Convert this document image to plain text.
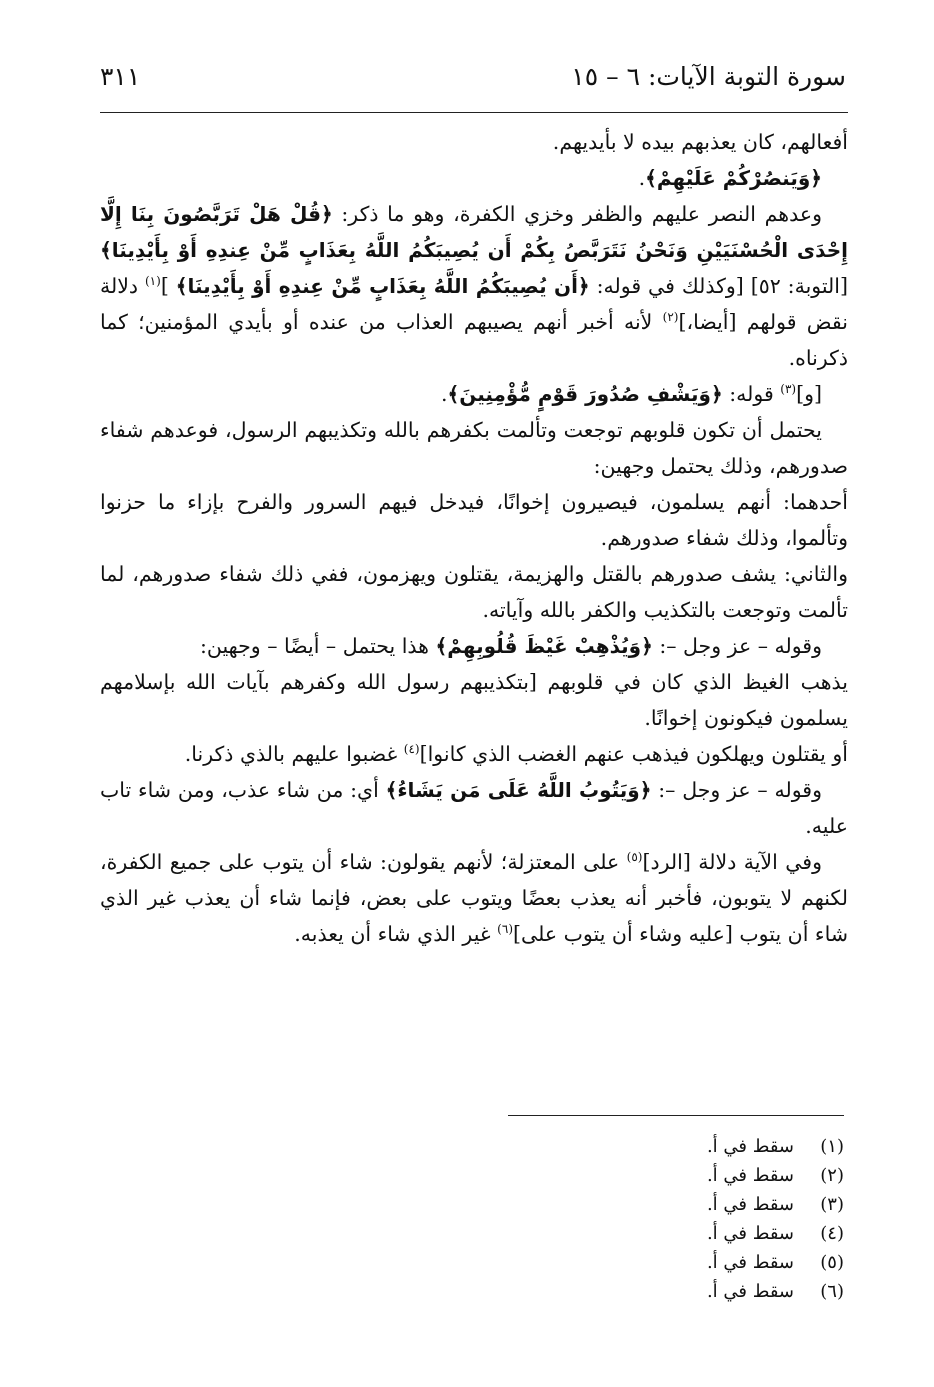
٣١١	سورة التوبة الآيات: ٦ – ١٥

أفعالهم، كان يعذبهم بيده لا بأيديهم.

﴿وَيَنصُرْكُمْ عَلَيْهِمْ﴾.

وعدهم النصر عليهم والظفر وخزي الكفرة، وهو ما ذكر: ﴿قُلْ هَلْ تَرَبَّصُونَ بِنَا إِلَّا إِحْدَى الْحُسْنَيَيْنِ وَنَحْنُ نَتَرَبَّصُ بِكُمْ أَن يُصِيبَكُمُ اللَّهُ بِعَذَابٍ مِّنْ عِندِهِ أَوْ بِأَيْدِينَا﴾ [التوبة: ٥٢] [وكذلك في قوله: ﴿أَن يُصِيبَكُمُ اللَّهُ بِعَذَابٍ مِّنْ عِندِهِ أَوْ بِأَيْدِينَا﴾ ]$^{(١)}$ دلالة نقض قولهم [أيضا،]$^{(٢)}$ لأنه أخبر أنهم يصيبهم العذاب من عنده أو بأيدي المؤمنين؛ كما ذكرناه.

[و]$^{(٣)}$ قوله: ﴿وَيَشْفِ صُدُورَ قَوْمٍ مُّؤْمِنِينَ﴾.

يحتمل أن تكون قلوبهم توجعت وتألمت بكفرهم بالله وتكذيبهم الرسول، فوعدهم شفاء صدورهم، وذلك يحتمل وجهين:

أحدهما: أنهم يسلمون، فيصيرون إخوانًا، فيدخل فيهم السرور والفرح بإزاء ما حزنوا وتألموا، وذلك شفاء صدورهم.

والثاني: يشف صدورهم بالقتل والهزيمة، يقتلون ويهزمون، ففي ذلك شفاء صدورهم، لما تألمت وتوجعت بالتكذيب والكفر بالله وآياته.

وقوله – عز وجل –: ﴿وَيُذْهِبْ غَيْظَ قُلُوبِهِمْ﴾ هذا يحتمل – أيضًا – وجهين:

يذهب الغيظ الذي كان في قلوبهم [بتكذيبهم رسول الله وكفرهم بآيات الله بإسلامهم يسلمون فيكونون إخوانًا.

أو يقتلون ويهلكون فيذهب عنهم الغضب الذي كانوا]$^{(٤)}$ غضبوا عليهم بالذي ذكرنا.

وقوله – عز وجل –: ﴿وَيَتُوبُ اللَّهُ عَلَى مَن يَشَاءُ﴾ أي: من شاء عذب، ومن شاء تاب عليه.

وفي الآية دلالة [الرد]$^{(٥)}$ على المعتزلة؛ لأنهم يقولون: شاء أن يتوب على جميع الكفرة، لكنهم لا يتوبون، فأخبر أنه يعذب بعضًا ويتوب على بعض، فإنما شاء أن يعذب غير الذي شاء أن يتوب [عليه وشاء أن يتوب على]$^{(٦)}$ غير الذي شاء أن يعذبه.

(١)
سقط في أ.
(٢)
سقط في أ.
(٣)
سقط في أ.
(٤)
سقط في أ.
(٥)
سقط في أ.
(٦)
سقط في أ.
